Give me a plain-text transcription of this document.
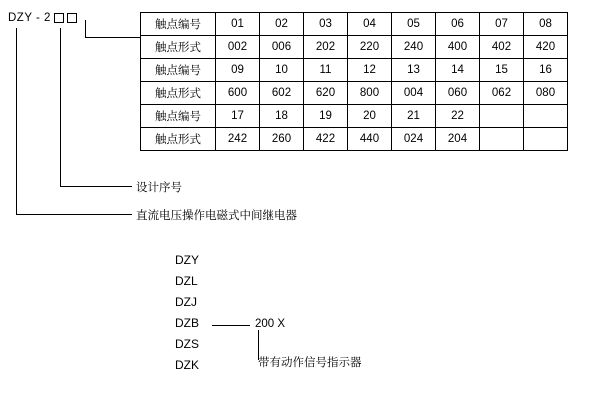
DZY - 2
设计序号
直流电压操作电磁式中间继电器
触点编号	01	02	03	04	05	06	07	08
触点形式	002	006	202	220	240	400	402	420
触点编号	09	10	11	12	13	14	15	16
触点形式	600	602	620	800	004	060	062	080
触点编号	17	18	19	20	21	22		
触点形式	242	260	422	440	024	204		
DZY
DZL
DZJ
DZB
DZS
DZK
200 X
带有动作信号指示器
